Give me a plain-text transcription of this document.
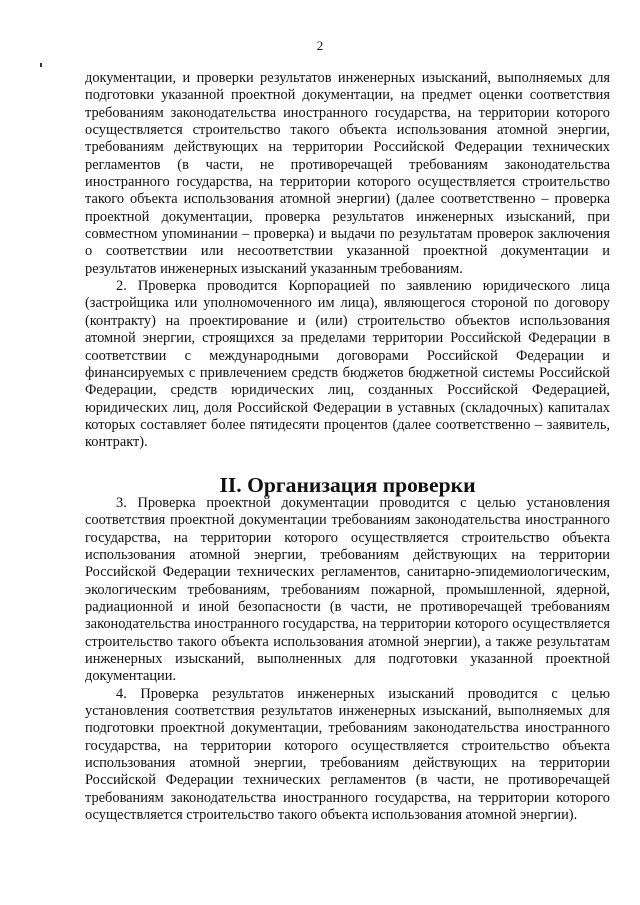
2

документации, и проверки результатов инженерных изысканий, выполняемых для подготовки указанной проектной документации, на предмет оценки соответствия требованиям законодательства иностранного государства, на территории которого осуществляется строительство такого объекта использования атомной энергии, требованиям действующих на территории Российской Федерации технических регламентов (в части, не противоречащей требованиям законодательства иностранного государства, на территории которого осуществляется строительство такого объекта использования атомной энергии) (далее соответственно – проверка проектной документации, проверка результатов инженерных изысканий, при совместном упоминании – проверка) и выдачи по результатам проверок заключения о соответствии или несоответствии указанной проектной документации и результатов инженерных изысканий указанным требованиям.

2. Проверка проводится Корпорацией по заявлению юридического лица (застройщика или уполномоченного им лица), являющегося стороной по договору (контракту) на проектирование и (или) строительство объектов использования атомной энергии, строящихся за пределами территории Российской Федерации в соответствии с международными договорами Российской Федерации и финансируемых с привлечением средств бюджетов бюджетной системы Российской Федерации, средств юридических лиц, созданных Российской Федерацией, юридических лиц, доля Российской Федерации в уставных (складочных) капиталах которых составляет более пятидесяти процентов (далее соответственно – заявитель, контракт).

II. Организация проверки

3. Проверка проектной документации проводится с целью установления соответствия проектной документации требованиям законодательства иностранного государства, на территории которого осуществляется строительство объекта использования атомной энергии, требованиям действующих на территории Российской Федерации технических регламентов, санитарно-эпидемиологическим, экологическим требованиям, требованиям пожарной, промышленной, ядерной, радиационной и иной безопасности (в части, не противоречащей требованиям законодательства иностранного государства, на территории которого осуществляется строительство такого объекта использования атомной энергии), а также результатам инженерных изысканий, выполненных для подготовки указанной проектной документации.

4. Проверка результатов инженерных изысканий проводится с целью установления соответствия результатов инженерных изысканий, выполняемых для подготовки проектной документации, требованиям законодательства иностранного государства, на территории которого осуществляется строительство объекта использования атомной энергии, требованиям действующих на территории Российской Федерации технических регламентов (в части, не противоречащей требованиям законодательства иностранного государства, на территории которого осуществляется строительство такого объекта использования атомной энергии).
